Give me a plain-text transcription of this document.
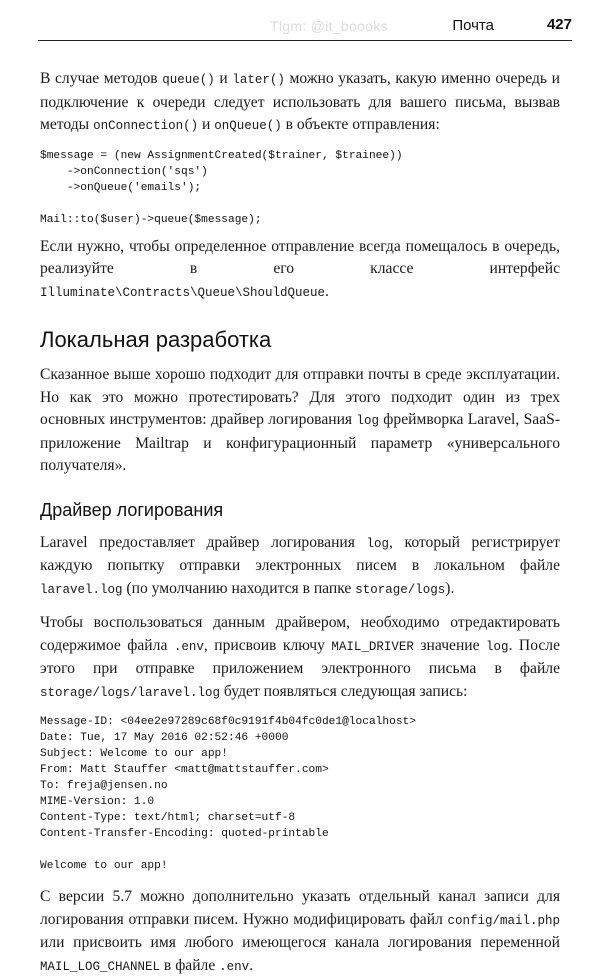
Tlgm: @it_boooks	Почта	427

В случае методов queue() и later() можно указать, какую именно очередь и подключение к очереди следует использовать для вашего письма, вызвав методы onConnection() и onQueue() в объекте отправления:

$message = (new AssignmentCreated($trainer, $trainee))
->onConnection('sqs')
->onQueue('emails');

Mail::to($user)->queue($message);

Если нужно, чтобы определенное отправление всегда помещалось в очередь, реализуйте в его классе интерфейс Illuminate\Contracts\Queue\ShouldQueue.

Локальная разработка

Сказанное выше хорошо подходит для отправки почты в среде эксплуатации. Но как это можно протестировать? Для этого подходит один из трех основных инструментов: драйвер логирования log фреймворка Laravel, SaaS-приложение Mailtrap и конфигурационный параметр «универсального получателя».

Драйвер логирования

Laravel предоставляет драйвер логирования log, который регистрирует каждую попытку отправки электронных писем в локальном файле laravel.log (по умолчанию находится в папке storage/logs).

Чтобы воспользоваться данным драйвером, необходимо отредактировать содержимое файла .env, присвоив ключу MAIL_DRIVER значение log. После этого при отправке приложением электронного письма в файле storage/logs/laravel.log будет появляться следующая запись:

Message-ID: <04ee2e97289c68f0c9191f4b04fc0de1@localhost>
Date: Tue, 17 May 2016 02:52:46 +0000
Subject: Welcome to our app!
From: Matt Stauffer <matt@mattstauffer.com>
To: freja@jensen.no
MIME-Version: 1.0
Content-Type: text/html; charset=utf-8
Content-Transfer-Encoding: quoted-printable

Welcome to our app!

С версии 5.7 можно дополнительно указать отдельный канал записи для логирования отправки писем. Нужно модифицировать файл config/mail.php или присвоить имя любого имеющегося канала логирования переменной MAIL_LOG_CHANNEL в файле .env.
